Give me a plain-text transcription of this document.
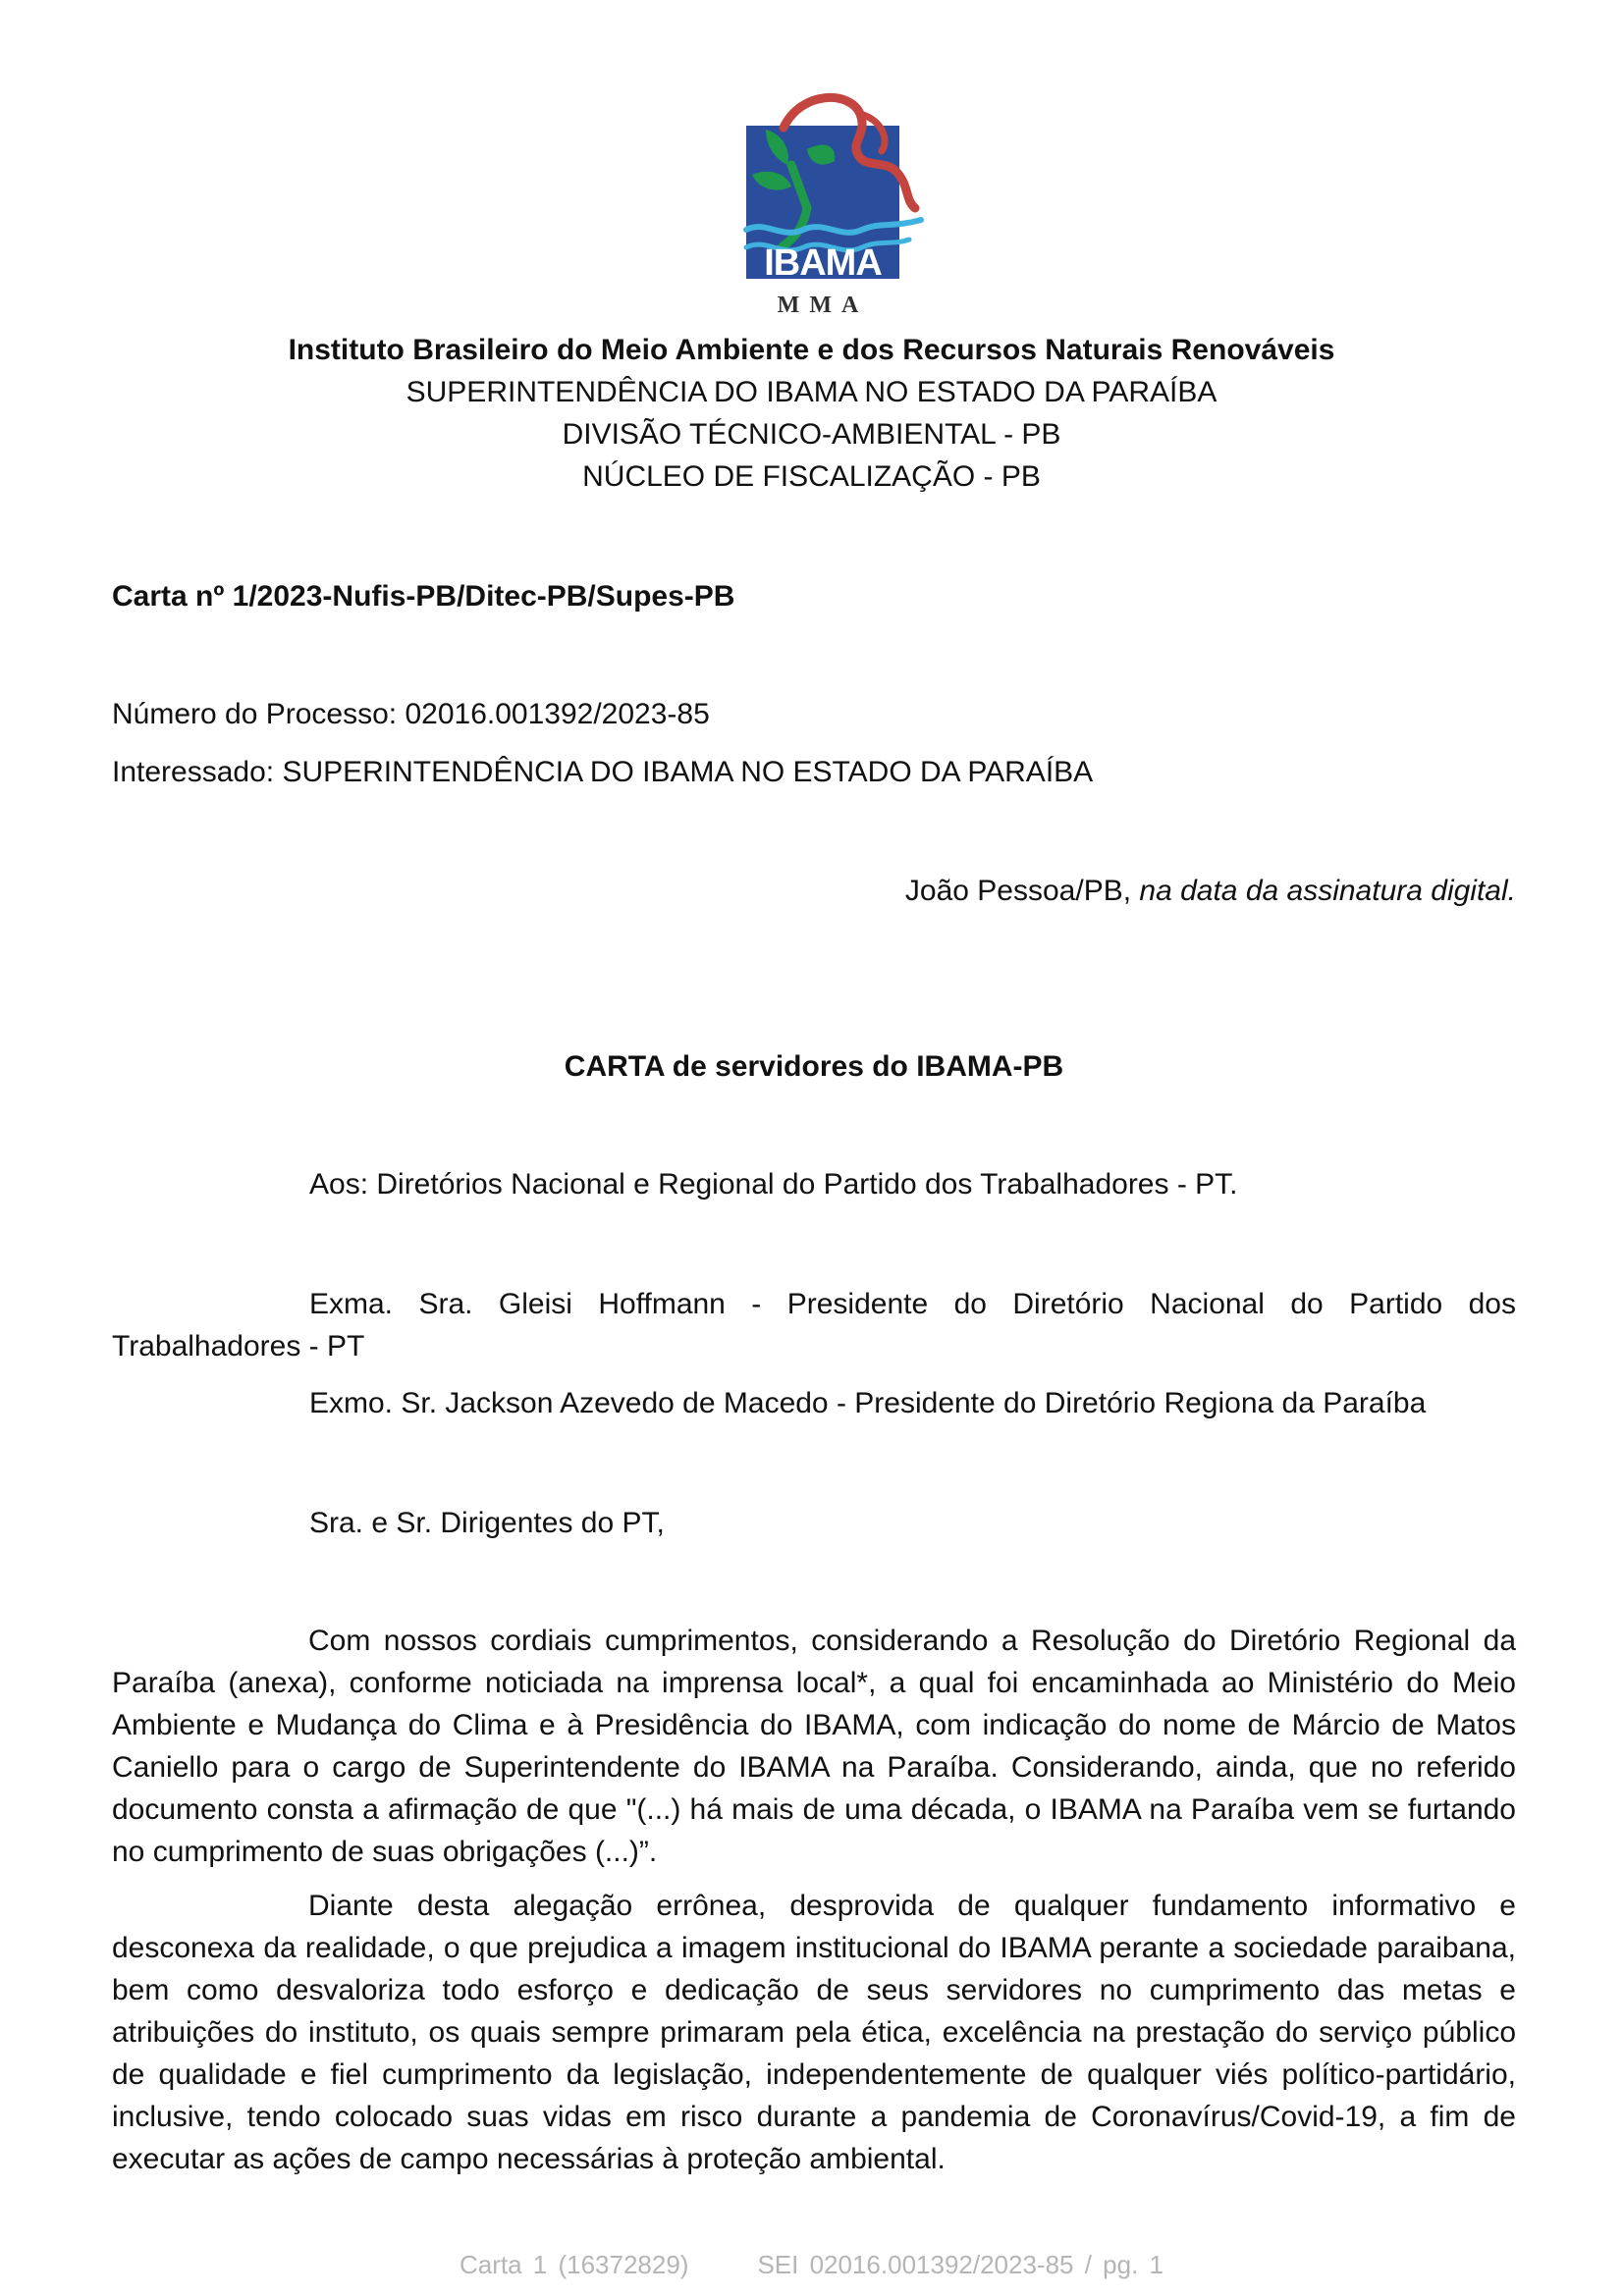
IBAMA
MMA
Instituto Brasileiro do Meio Ambiente e dos Recursos Naturais Renováveis
SUPERINTENDÊNCIA DO IBAMA NO ESTADO DA PARAÍBA
DIVISÃO TÉCNICO-AMBIENTAL - PB
NÚCLEO DE FISCALIZAÇÃO - PB
Carta nº 1/2023-Nufis-PB/Ditec-PB/Supes-PB
Número do Processo: 02016.001392/2023-85
Interessado: SUPERINTENDÊNCIA DO IBAMA NO ESTADO DA PARAÍBA
João Pessoa/PB, na data da assinatura digital.
CARTA de servidores do IBAMA-PB
Aos: Diretórios Nacional e Regional do Partido dos Trabalhadores - PT.
Exma. Sra. Gleisi Hoffmann - Presidente do Diretório Nacional do Partido dos
Trabalhadores - PT
Exmo. Sr. Jackson Azevedo de Macedo - Presidente do Diretório Regiona da Paraíba
Sra. e Sr. Dirigentes do PT,

Com nossos cordiais cumprimentos, considerando a Resolução do Diretório Regional da Paraíba (anexa), conforme noticiada na imprensa local*, a qual foi encaminhada ao Ministério do Meio Ambiente e Mudança do Clima e à Presidência do IBAMA, com indicação do nome de Márcio de Matos Caniello para o cargo de Superintendente do IBAMA na Paraíba. Considerando, ainda, que no referido documento consta a afirmação de que "(...) há mais de uma década, o IBAMA na Paraíba vem se furtando no cumprimento de suas obrigações (...)”.

Diante desta alegação errônea, desprovida de qualquer fundamento informativo e desconexa da realidade, o que prejudica a imagem institucional do IBAMA perante a sociedade paraibana, bem como desvaloriza todo esforço e dedicação de seus servidores no cumprimento das metas e atribuições do instituto, os quais sempre primaram pela ética, excelência na prestação do serviço público de qualidade e fiel cumprimento da legislação, independentemente de qualquer viés político-partidário, inclusive, tendo colocado suas vidas em risco durante a pandemia de Coronavírus/Covid-19, a fim de executar as ações de campo necessárias à proteção ambiental.

Carta 1 (16372829)	SEI 02016.001392/2023-85 / pg. 1
